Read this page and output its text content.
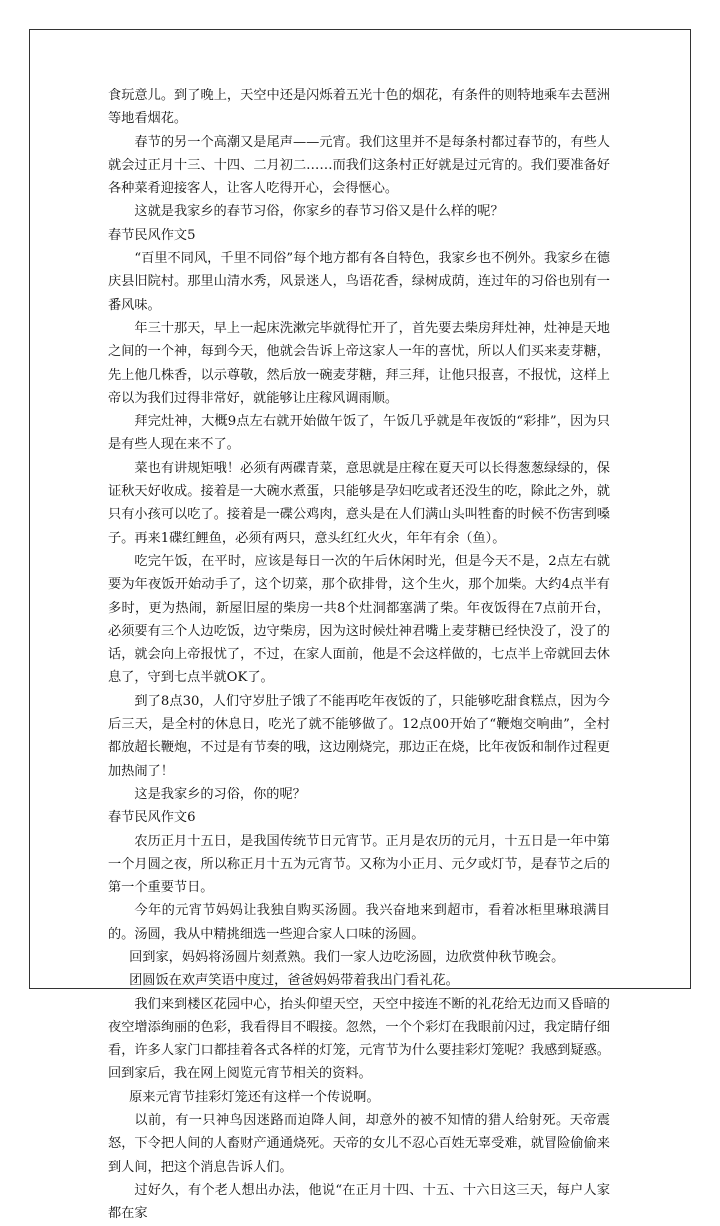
食玩意儿。到了晚上，天空中还是闪烁着五光十色的烟花，有条件的则特地乘车去琶洲等地看烟花。

春节的另一个高潮又是尾声——元宵。我们这里并不是每条村都过春节的，有些人就会过正月十三、十四、二月初二……而我们这条村正好就是过元宵的。我们要准备好各种菜肴迎接客人，让客人吃得开心，会得惬心。

这就是我家乡的春节习俗，你家乡的春节习俗又是什么样的呢？

春节民风作文5

“百里不同风，千里不同俗”每个地方都有各自特色，我家乡也不例外。我家乡在德庆县旧院村。那里山清水秀，风景迷人，鸟语花香，绿树成荫，连过年的习俗也别有一番风味。

年三十那天，早上一起床洗漱完毕就得忙开了，首先要去柴房拜灶神，灶神是天地之间的一个神，每到今天，他就会告诉上帝这家人一年的喜忧，所以人们买来麦芽糖，先上他几株香，以示尊敬，然后放一碗麦芽糖，拜三拜，让他只报喜，不报忧，这样上帝以为我们过得非常好，就能够让庄稼风调雨顺。

拜完灶神，大概9点左右就开始做午饭了，午饭几乎就是年夜饭的“彩排”，因为只是有些人现在来不了。

菜也有讲规矩哦！必须有两碟青菜，意思就是庄稼在夏天可以长得葱葱绿绿的，保证秋天好收成。接着是一大碗水煮蛋，只能够是孕妇吃或者还没生的吃，除此之外，就只有小孩可以吃了。接着是一碟公鸡肉，意头是在人们满山头叫牲畜的时候不伤害到嗓子。再来1碟红鲤鱼，必须有两只，意头红红火火，年年有余（鱼）。

吃完午饭，在平时，应该是每日一次的午后休闲时光，但是今天不是，2点左右就要为年夜饭开始动手了，这个切菜，那个砍排骨，这个生火，那个加柴。大约4点半有多时，更为热闹，新屋旧屋的柴房一共8个灶洞都塞满了柴。年夜饭得在7点前开台，必须要有三个人边吃饭，边守柴房，因为这时候灶神君嘴上麦芽糖已经快没了，没了的话，就会向上帝报忧了，不过，在家人面前，他是不会这样做的，七点半上帝就回去休息了，守到七点半就OK了。

到了8点30，人们守岁肚子饿了不能再吃年夜饭的了，只能够吃甜食糕点，因为今后三天，是全村的休息日，吃光了就不能够做了。12点00开始了“鞭炮交响曲”，全村都放超长鞭炮，不过是有节奏的哦，这边刚烧完，那边正在烧，比年夜饭和制作过程更加热闹了！

这是我家乡的习俗，你的呢？

春节民风作文6

农历正月十五日，是我国传统节日元宵节。正月是农历的元月，十五日是一年中第一个月圆之夜，所以称正月十五为元宵节。又称为小正月、元夕或灯节，是春节之后的第一个重要节日。

今年的元宵节妈妈让我独自购买汤圆。我兴奋地来到超市，看着冰柜里琳琅满目的。汤圆，我从中精挑细选一些迎合家人口味的汤圆。

回到家，妈妈将汤圆片刻煮熟。我们一家人边吃汤圆，边欣赏仲秋节晚会。

团圆饭在欢声笑语中度过，爸爸妈妈带着我出门看礼花。

我们来到楼区花园中心，抬头仰望天空，天空中接连不断的礼花给无边而又昏暗的夜空增添绚丽的色彩，我看得目不暇接。忽然，一个个彩灯在我眼前闪过，我定睛仔细看，许多人家门口都挂着各式各样的灯笼，元宵节为什么要挂彩灯笼呢？我感到疑惑。回到家后，我在网上阅览元宵节相关的资料。

原来元宵节挂彩灯笼还有这样一个传说啊。

以前，有一只神鸟因迷路而迫降人间，却意外的被不知情的猎人给射死。天帝震怒，下令把人间的人畜财产通通烧死。天帝的女儿不忍心百姓无辜受难，就冒险偷偷来到人间，把这个消息告诉人们。

过好久，有个老人想出办法，他说“在正月十四、十五、十六日这三天，每户人家都在家
